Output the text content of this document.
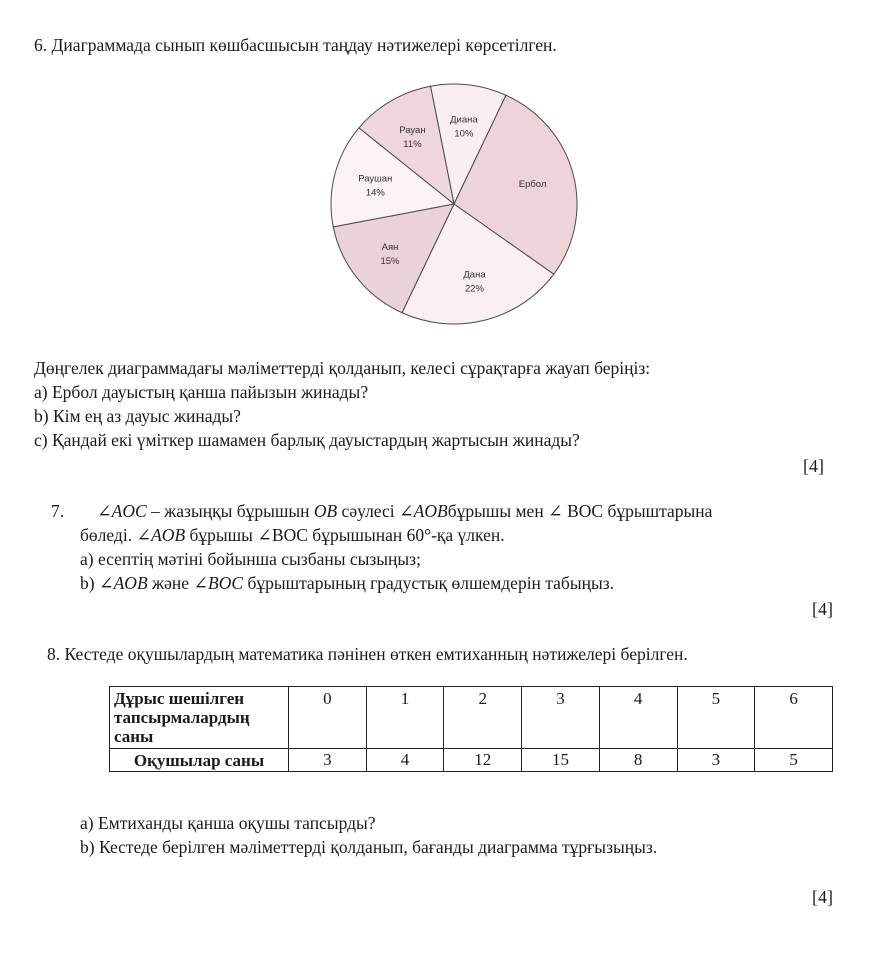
6. Диаграммада сынып көшбасшысын таңдау нәтижелері көрсетілген.
Диана
10%
Ербол
Дана
22%
Аян
15%
Раушан
14%
Рауан
11%
Дөңгелек диаграммадағы мәліметтерді қолданып, келесі сұрақтарға жауап беріңіз:
а) Ербол дауыстың қанша пайызын жинады?
b) Кім ең аз дауыс жинады?
c) Қандай екі үміткер шамамен барлық дауыстардың жартысын жинады?
[4]
7. ∠AOC – жазыңқы бұрышын OB сәулесі ∠AOBбұрышы мен ∠ BOC бұрыштарына
бөледі. ∠AOB бұрышы ∠BOC бұрышынан 60°-қа үлкен.
a) есептің мәтіні бойынша сызбаны сызыңыз;
b) ∠AOB және ∠BOC бұрыштарының градустық өлшемдерін табыңыз.
[4]
8. Кестеде оқушылардың математика пәнінен өткен емтиханның нәтижелері берілген.
Дұрыс шешілген тапсырмалардың саны	0	1	2	3	4	5	6
Оқушылар саны	3	4	12	15	8	3	5
a) Емтиханды қанша оқушы тапсырды?
b) Кестеде берілген мәліметтерді қолданып, бағанды диаграмма тұрғызыңыз.
[4]
